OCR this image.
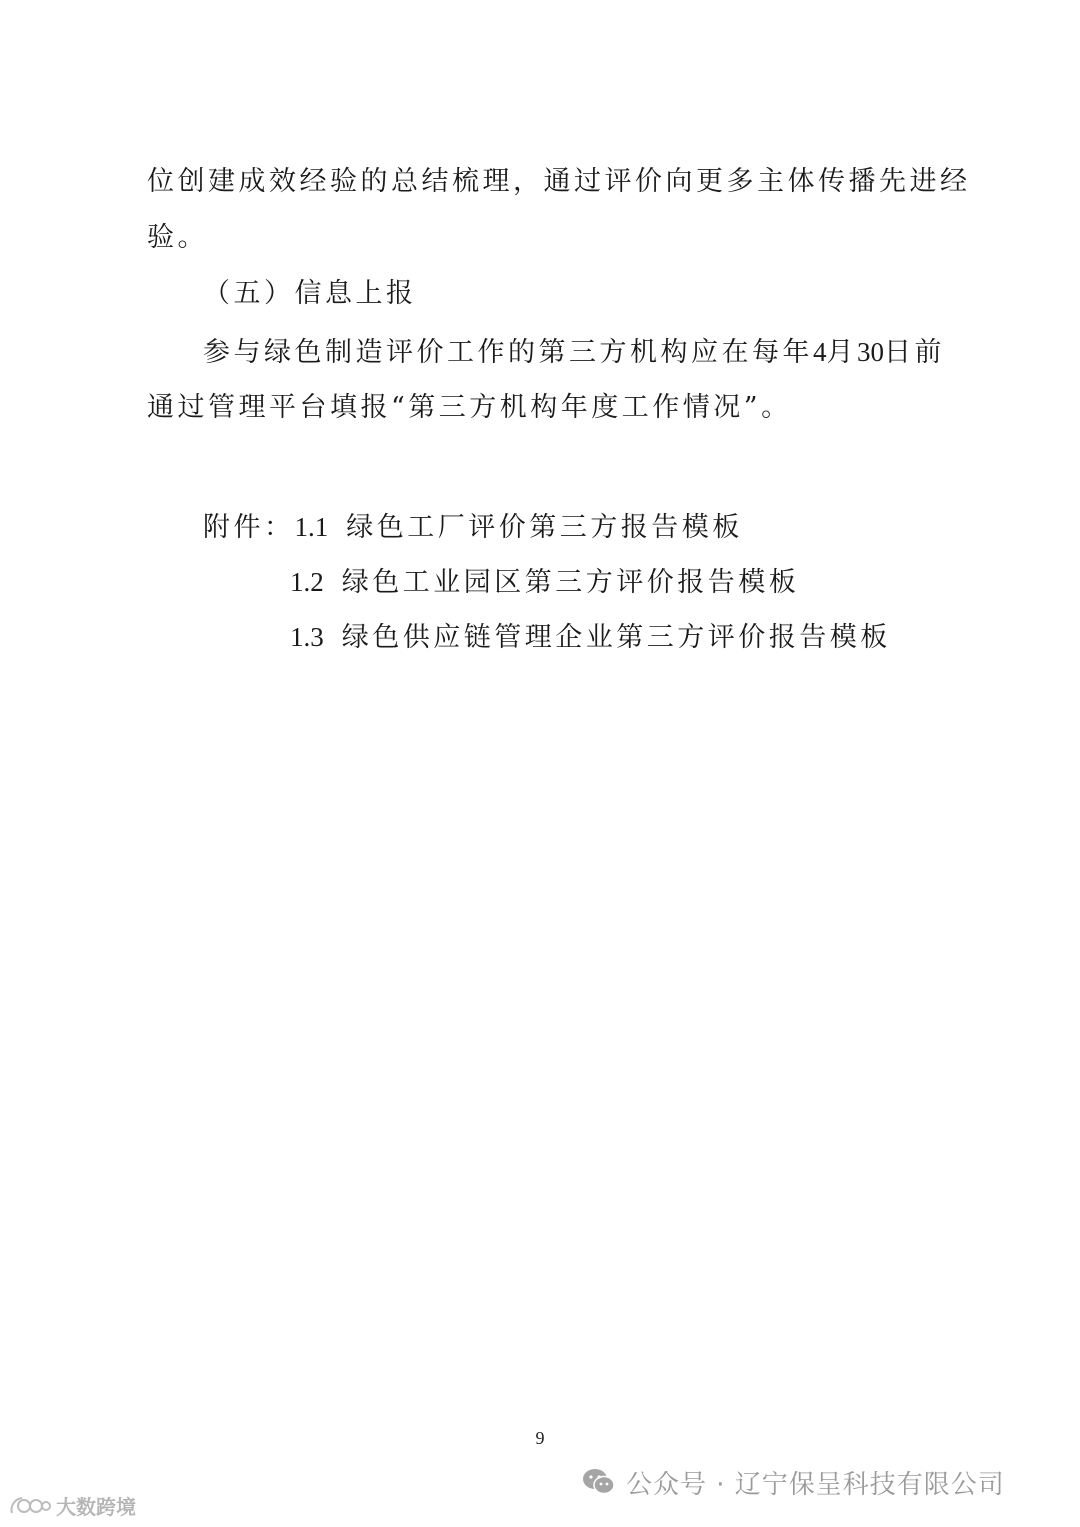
位创建成效经验的总结梳理，通过评价向更多主体传播先进经
验。
（五）信息上报
参与绿色制造评价工作的第三方机构应在每年4月30日前
通过管理平台填报“第三方机构年度工作情况”。
附件：1.1 绿色工厂评价第三方报告模板
1.2 绿色工业园区第三方评价报告模板
1.3 绿色供应链管理企业第三方评价报告模板
9
公众号 · 辽宁保呈科技有限公司
大数跨境
